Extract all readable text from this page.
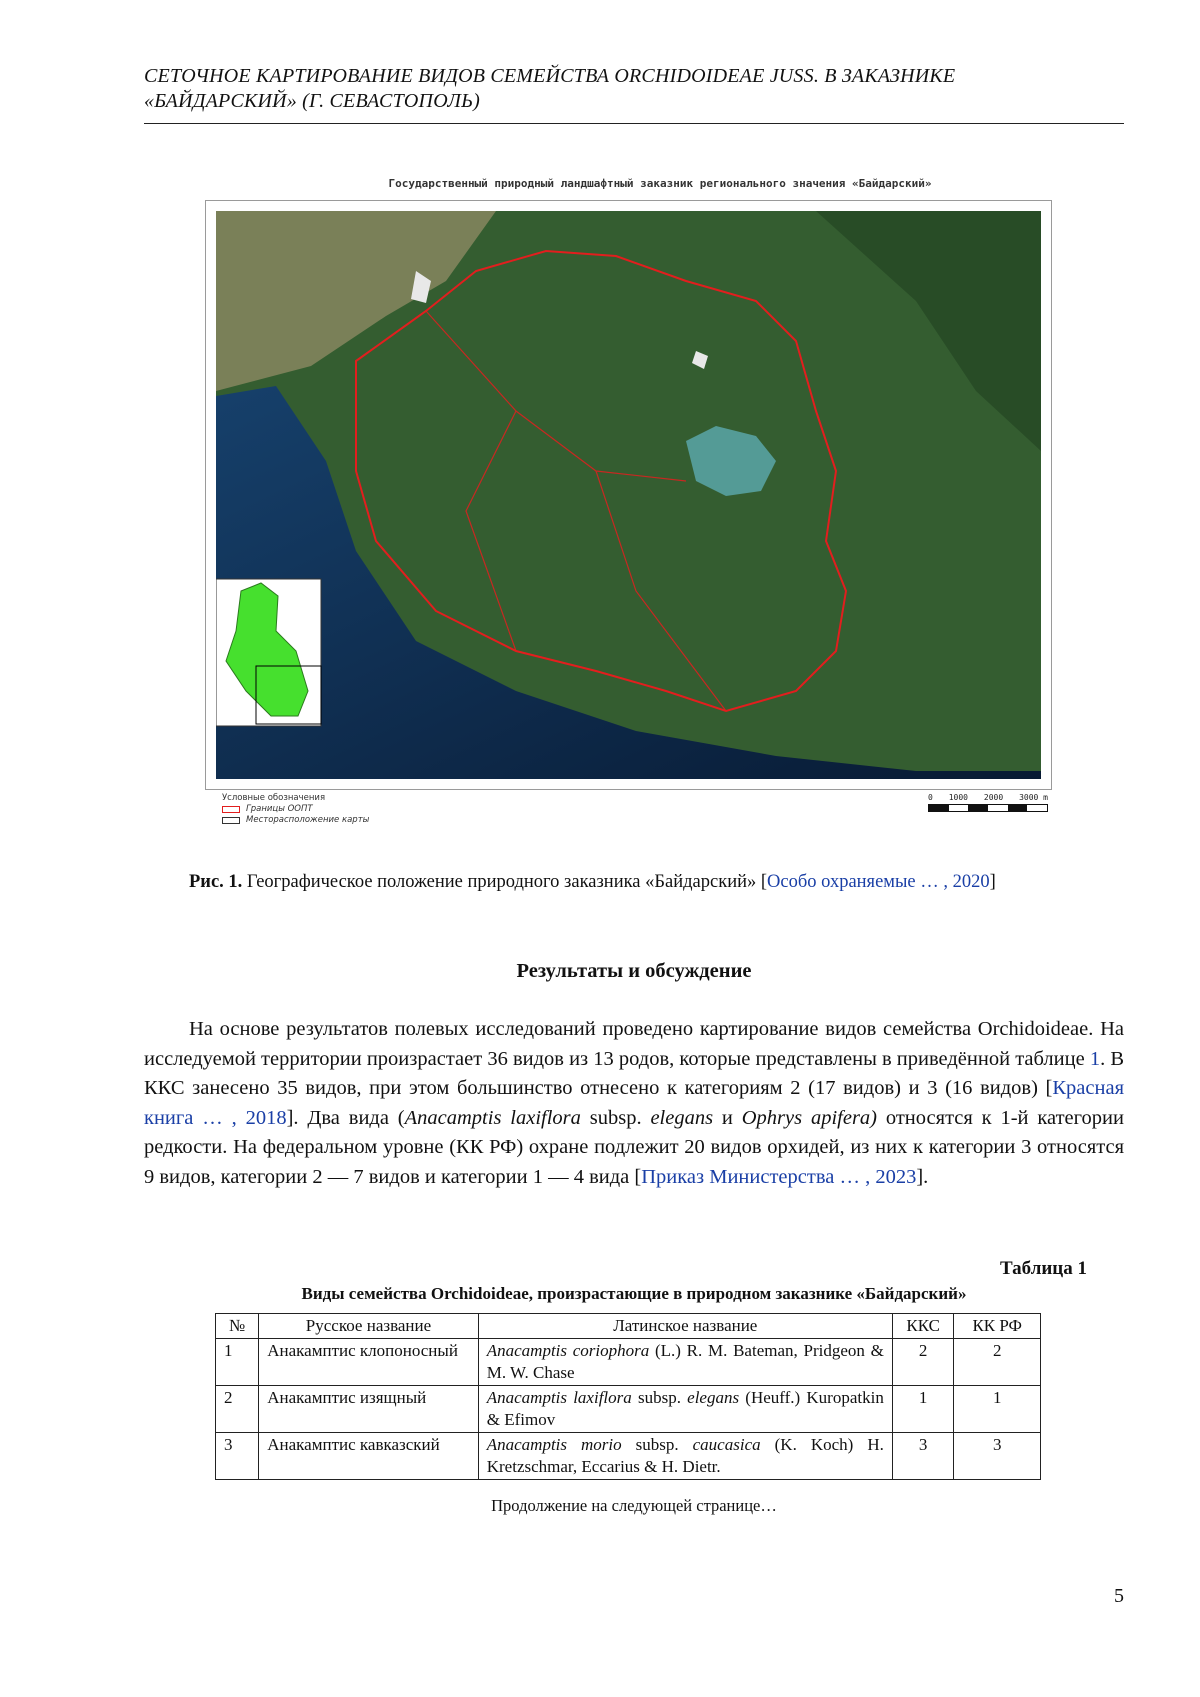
СЕТОЧНОЕ КАРТИРОВАНИЕ ВИДОВ СЕМЕЙСТВА ORCHIDOIDEAE JUSS. В ЗАКАЗНИКЕ
«БАЙДАРСКИЙ» (Г. СЕВАСТОПОЛЬ)
Государственный природный ландшафтный заказник регионального значения «Байдарский»
Условные обозначения
Границы ООПТ
Месторасположение карты
0 1000 2000 3000 m
Рис. 1. Географическое положение природного заказника «Байдарский» [Особо охраняемые … , 2020]
Результаты и обсуждение
На основе результатов полевых исследований проведено картирование видов семейства Orchidoideae. На исследуемой территории произрастает 36 видов из 13 родов, которые представлены в приведённой таблице 1. В ККС занесено 35 видов, при этом большинство отнесено к категориям 2 (17 видов) и 3 (16 видов) [Красная книга … , 2018]. Два вида (Anacamptis laxiflora subsp. elegans и Ophrys apifera) относятся к 1-й категории редкости. На федеральном уровне (КК РФ) охране подлежит 20 видов орхидей, из них к категории 3 относятся 9 видов, категории 2 — 7 видов и категории 1 — 4 вида [Приказ Министерства … , 2023].
Таблица 1
Виды семейства Orchidoideae, произрастающие в природном заказнике «Байдарский»
№	Русское название	Латинское название	ККС	КК РФ
1	Анакамптис клопоносный	Anacamptis coriophora (L.) R. M. Bateman, Pridgeon & M. W. Chase	2	2
2	Анакамптис изящный	Anacamptis laxiflora subsp. elegans (Heuff.) Kuropatkin & Efimov	1	1
3	Анакамптис кавказский	Anacamptis morio subsp. caucasica (K. Koch) H. Kretzschmar, Eccarius & H. Dietr.	3	3
Продолжение на следующей странице…
5
